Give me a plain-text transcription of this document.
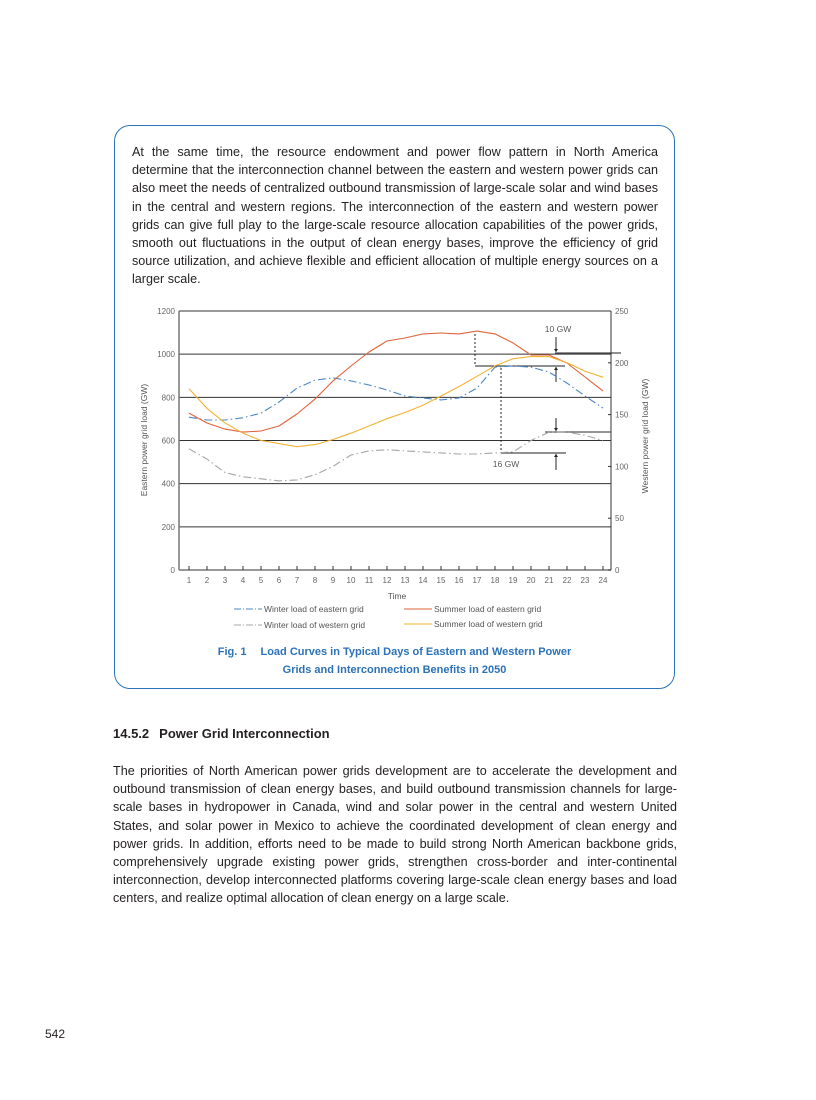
At the same time, the resource endowment and power flow pattern in North America determine that the interconnection channel between the eastern and western power grids can also meet the needs of centralized outbound transmission of large-scale solar and wind bases in the central and western regions. The interconnection of the eastern and western power grids can give full play to the large-scale resource allocation capabilities of the power grids, smooth out fluctuations in the output of clean energy bases, improve the efficiency of grid source utilization, and achieve flexible and efficient allocation of multiple energy sources on a larger scale.
0
200
400
600
800
1000
1200
0
50
100
150
200
250
1 2 3 4 5 6 7 8 9 10 11 12 13 14 15 16 17 18 19 20 21 22 23 24
Time
Eastern power grid load (GW)	Western power grid load (GW)
10 GW
16 GW
Winter load of eastern grid	Summer load of eastern grid
Winter load of western grid	Summer load of western grid
Fig. 1 Load Curves in Typical Days of Eastern and Western Power
Grids and Interconnection Benefits in 2050
14.5.2 Power Grid Interconnection
The priorities of North American power grids development are to accelerate the development and outbound transmission of clean energy bases, and build outbound transmission channels for large-scale bases in hydropower in Canada, wind and solar power in the central and western United States, and solar power in Mexico to achieve the coordinated development of clean energy and power grids. In addition, efforts need to be made to build strong North American backbone grids, comprehensively upgrade existing power grids, strengthen cross-border and inter-continental interconnection, develop interconnected platforms covering large-scale clean energy bases and load centers, and realize optimal allocation of clean energy on a large scale.
542
